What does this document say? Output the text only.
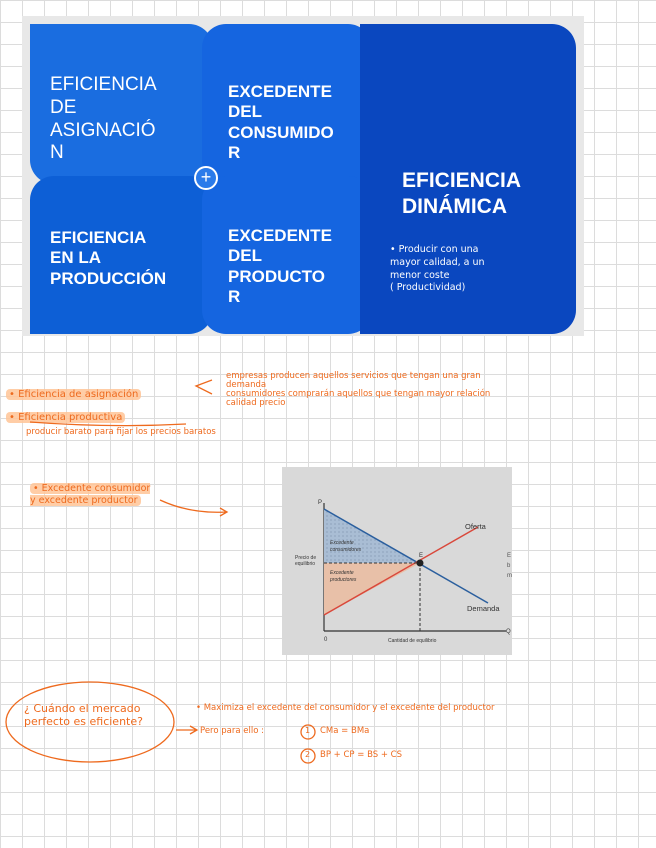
EFICIENCIA
DE
ASIGNACIÓ
N
EXCEDENTE
DEL
CONSUMIDO
R
EFICIENCIA
EN LA
PRODUCCIÓN
EXCEDENTE
DEL
PRODUCTO
R
EFICIENCIA
DINÁMICA
• Producir con una
mayor calidad, a un
menor coste
( Productividad)
+

• Eficiencia de asignación

• Eficiencia productiva

empresas producen aquellos servicios que tengan una gran
demanda
consumidores comprarán aquellos que tengan mayor relación
calidad precio
producir barato para fijar los precios baratos

• Excedente consumidor
y excedente productor	P
0
Q
Oferta
Demanda
E
Cantidad de equilibrio
Precio de equilibrio
Excedente consumidores
Excedente productores
E b m
¿ Cuándo el mercado
perfecto es eficiente?
• Maximiza el excedente del consumidor y el excedente del productor
Pero para ello :	1 CMa = BMa
2 BP + CP = BS + CS
